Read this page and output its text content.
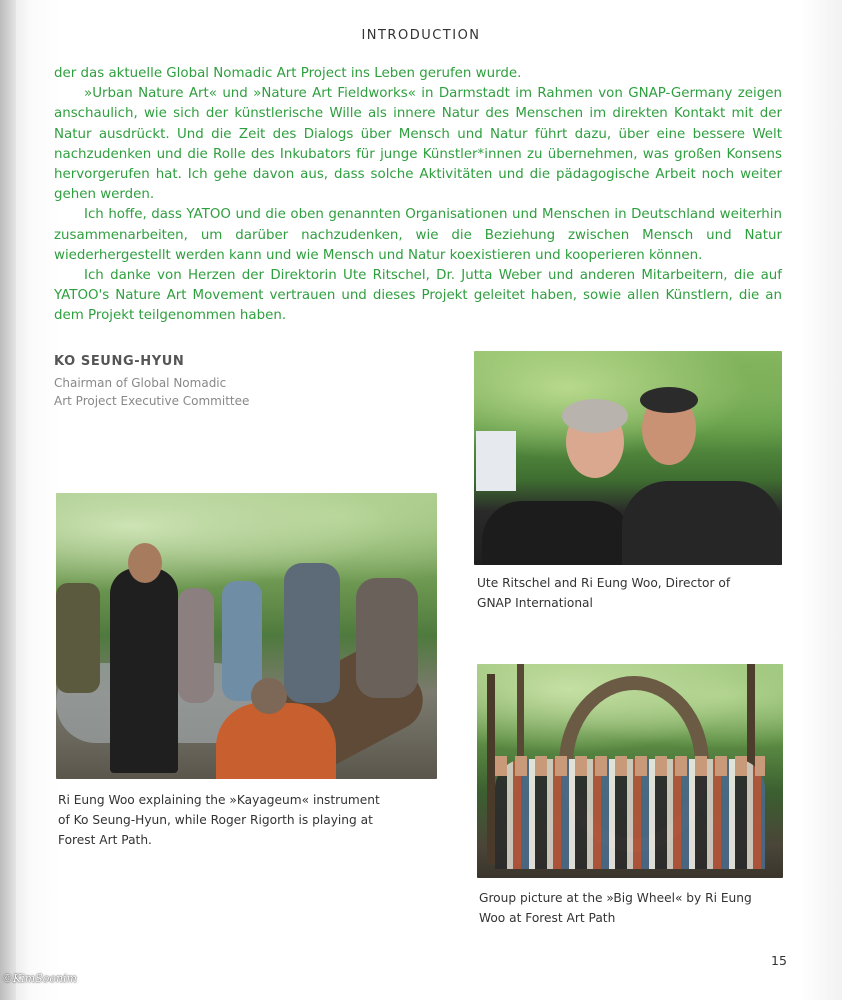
INTRODUCTION

der das aktuelle Global Nomadic Art Project ins Leben gerufen wurde.

»Urban Nature Art« und »Nature Art Fieldworks« in Darmstadt im Rahmen von GNAP-Germany zeigen anschaulich, wie sich der künstlerische Wille als innere Natur des Menschen im direkten Kontakt mit der Natur ausdrückt. Und die Zeit des Dialogs über Mensch und Natur führt dazu, über eine bessere Welt nachzudenken und die Rolle des Inkubators für junge Künstler*innen zu übernehmen, was großen Konsens hervorgerufen hat. Ich gehe davon aus, dass solche Aktivitäten und die pädagogische Arbeit noch weiter gehen werden.

Ich hoffe, dass YATOO und die oben genannten Organisationen und Menschen in Deutschland weiterhin zusammenarbeiten, um darüber nachzudenken, wie die Beziehung zwischen Mensch und Natur wiederhergestellt werden kann und wie Mensch und Natur koexistieren und kooperieren können.

Ich danke von Herzen der Direktorin Ute Ritschel, Dr. Jutta Weber und anderen Mitarbeitern, die auf YATOO's Nature Art Movement vertrauen und dieses Projekt geleitet haben, sowie allen Künstlern, die an dem Projekt teilgenommen haben.

KO SEUNG-HYUN
Chairman of Global Nomadic
Art Project Executive Committee
Ute Ritschel and Ri Eung Woo, Director of
GNAP International
Ri Eung Woo explaining the »Kayageum« instrument
of Ko Seung-Hyun, while Roger Rigorth is playing at
Forest Art Path.
Group picture at the »Big Wheel« by Ri Eung
Woo at Forest Art Path
15
©KimSoonim
